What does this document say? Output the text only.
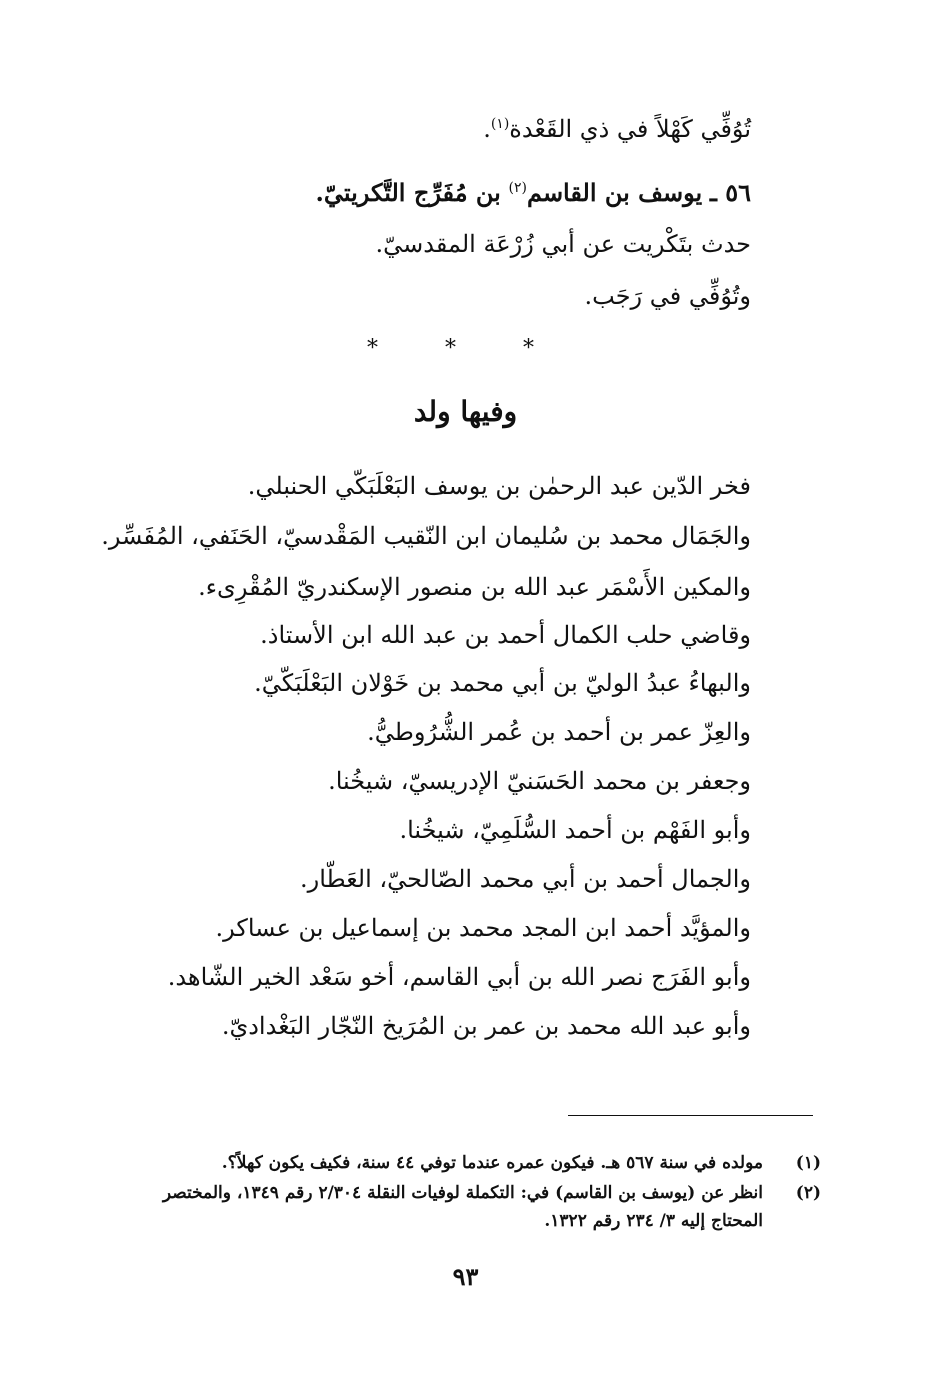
تُوُفِّي كَهْلاً في ذي القَعْدة$^{(١)}$.
٥٦ ـ يوسف بن القاسم$^{(٢)}$ بن مُفَرِّج التَّكريتيّ.
حدث بتَكْريت عن أبي زُرْعَة المقدسيّ.
وتُوُفِّي في رَجَب.
* * *
وفيها ولد
فخر الدّين عبد الرحمٰن بن يوسف البَعْلَبَكّي الحنبلي.
والجَمَال محمد بن سُليمان ابن النّقيب المَقْدسيّ، الحَنَفي، المُفَسِّر.
والمكين الأَسْمَر عبد الله بن منصور الإسكندريّ المُقْرِىء.
وقاضي حلب الكمال أحمد بن عبد الله ابن الأستاذ.
والبهاءُ عبدُ الوليّ بن أبي محمد بن خَوْلان البَعْلَبَكّيّ.
والعِزّ عمر بن أحمد بن عُمر الشُّرُوطيُّ.
وجعفر بن محمد الحَسَنيّ الإدريسيّ، شيخُنا.
وأبو الفَهْم بن أحمد السُّلَمِيّ، شيخُنا.
والجمال أحمد بن أبي محمد الصّالحيّ، العَطّار.
والمؤيَّد أحمد ابن المجد محمد بن إسماعيل بن عساكر.
وأبو الفَرَج نصر الله بن أبي القاسم، أخو سَعْد الخير الشّاهد.
وأبو عبد الله محمد بن عمر بن المُرَيخ النّجّار البَغْداديّ.
(١)
مولده في سنة ٥٦٧ هـ. فيكون عمره عندما توفي ٤٤ سنة، فكيف يكون كهلاً؟.
(٢)
انظر عن (يوسف بن القاسم) في: التكملة لوفيات النقلة ٢/٣٠٤ رقم ١٣٤٩، والمختصر
المحتاج إليه ٣/ ٢٣٤ رقم ١٣٢٢.
٩٣
